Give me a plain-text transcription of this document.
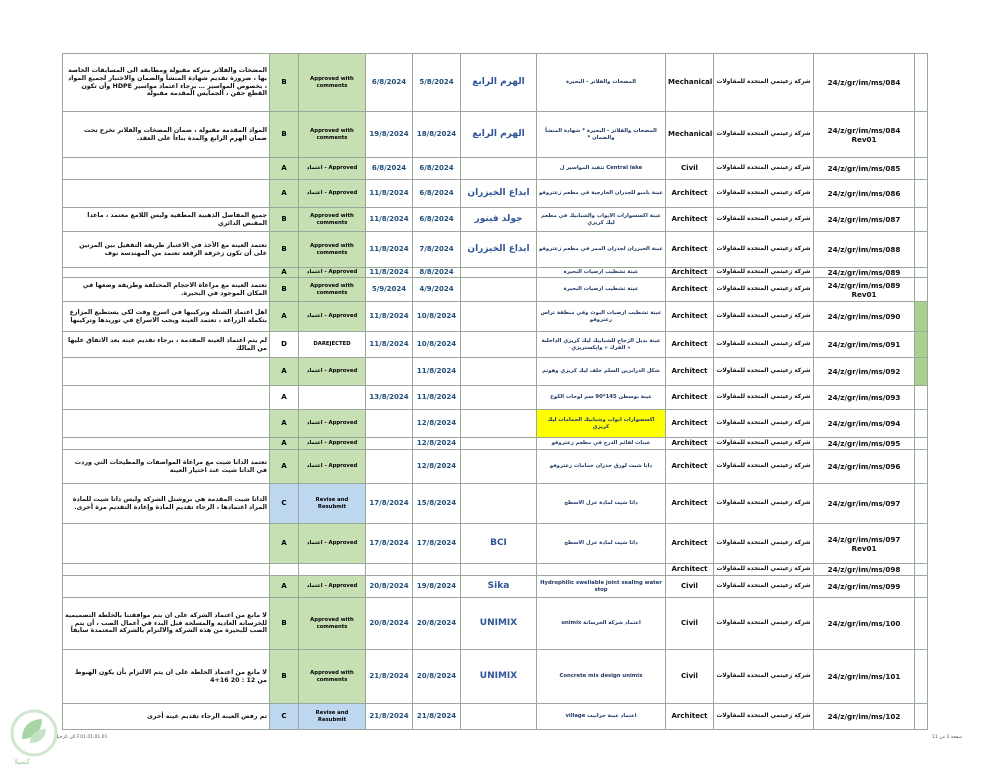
المضخات والفلاتر متركة مقبولة ومطابقة الى المسابقات الخاصة بها ، ضرورة تقديم شهادة المنشأ والضمان والاختبار لجميع المواد ، بخصوص المواسير … برجاء اعتماد مواسير HDPE وأن تكون القطع حقن ، الجمايس المقدمة مقبولة	B	Approved with comments	6/8/2024	5/8/2024	الهرم الرابع	المضخات والفلاتر - البحيرة	Mechanical	شركة زعيتمي المتحدة للمقاولات	24/z/gr/im/ms/084	
المواد المقدمة مقبولة ، ضمان المضخات والفلاتر تخرج تحت ضمان الهرم الرابع والمدة بناءاً على العقد.	B	Approved with comments	19/8/2024	18/8/2024	الهرم الرابع	المضخات والفلاتر - البحيرة * شهادة المنشأ والضمان *	Mechanical	شركة زعيتمي المتحدة للمقاولات	24/z/gr/im/ms/084 Rev01	
	A	اعتماد - Approved	6/8/2024	6/8/2024		Central lake تنفيذ المواسير ل	Civil	شركة زعيتمي المتحدة للمقاولات	24/z/gr/im/ms/085	
	A	اعتماد - Approved	11/8/2024	6/8/2024	ابداع الخيزران	عينة بامبو للجدران الخارجية في مطعم زعتروفو	Architect	شركة زعيتمي المتحدة للمقاولات	24/z/gr/im/ms/086	
جميع المفاصل الذهبية المطفية وليس اللامع معتمد ، ماعدا المقبض الدائري	B	Approved with comments	11/8/2024	6/8/2024	جولد فينور	عينة اكسسوارات الابواب والشبابيك في مطعم ليك كريزي	Architect	شركة زعيتمي المتحدة للمقاولات	24/z/gr/im/ms/087	
تعتمد العينة مع الأخذ في الاعتبار طريقة التقفيل بين المرتين على أن تكون زخرفة الرقعة تعتمد من المهندسة نوف	B	Approved with comments	11/8/2024	7/8/2024	ابداع الخيزران	عينة الخيزران لجدران الممر في مطعم زعتروفو	Architect	شركة زعيتمي المتحدة للمقاولات	24/z/gr/im/ms/088	
	A	اعتماد - Approved	11/8/2024	8/8/2024		عينة تشطيب ارضيات البحيرة	Architect	شركة زعيتمي المتحدة للمقاولات	24/z/gr/im/ms/089	
تعتمد العينة مع مراعاة الاحجام المختلفة وطريقة وضعها في المكان الموجود في البحيرة.	B	Approved with comments	5/9/2024	4/9/2024		عينة تشطيب ارضيات البحيرة	Architect	شركة زعيتمي المتحدة للمقاولات	24/z/gr/im/ms/089 Rev01	
اهل اعتماد الشتلة وتركيبها في اسرع وقت لكي يستطيع المزارع بتكملة الزراعة ، تعتمد العينة ويجب الاسراع في توريدها وتركيبها	A	اعتماد - Approved	11/8/2024	10/8/2024		عينة تشطيب ارضيات البوث وفي منطقة تراس زعتروفو	Architect	شركة زعيتمي المتحدة للمقاولات	24/z/gr/im/ms/090	
لم يتم اعتماد العينة المقدمة ، برجاء تقديم عينة بعد الاتفاق عليها من المالك	D	DAREJECTED	11/8/2024	10/8/2024		عينة بديل الزجاج للشبابيك ليك كريزي الداخلية « الفرك » وايكستريزي	Architect	شركة زعيتمي المتحدة للمقاولات	24/z/gr/im/ms/091	
	A	اعتماد - Approved		11/8/2024		شكل الدرابزين السلم خلف ليك كريزي وهوتم	Architect	شركة زعيتمي المتحدة للمقاولات	24/z/gr/im/ms/092	
	A		13/8/2024	11/8/2024		عينة بوسطن 145*90 سم لوحات الكوخ	Architect	شركة زعيتمي المتحدة للمقاولات	24/z/gr/im/ms/093	
	A	اعتماد - Approved		12/8/2024		اكسسوارات ابواب وشبابيك الحمامات ليك كريزي	Architect	شركة زعيتمي المتحدة للمقاولات	24/z/gr/im/ms/094	
	A	اعتماد - Approved		12/8/2024		عينات لقائم الدرج في مطعم زعتروفو	Architect	شركة زعيتمي المتحدة للمقاولات	24/z/gr/im/ms/095	
تعتمد الدانا شيت مع مراعاة المواصفات والمطيحات التي وردت في الدانا شيت عند اختيار العينة	A	اعتماد - Approved		12/8/2024		دانا شيت لورق حدران حمامات زعتروفو	Architect	شركة زعيتمي المتحدة للمقاولات	24/z/gr/im/ms/096	
الداتا شيت المقدمة هي بروشتل الشركة وليس داتا شيت للمادة المراد اعتمادها ، الرجاء تقديم المادة وإعادة التقديم مرة أخرى.	C	Revise and Resubmit	17/8/2024	15/8/2024		داتا شيت لمادة عزل الاسطح	Architect	شركة زعيتمي المتحدة للمقاولات	24/z/gr/im/ms/097	
	A	اعتماد - Approved	17/8/2024	17/8/2024	BCI	داتا شيت لمادة عزل الاسطح	Architect	شركة زعيتمي المتحدة للمقاولات	24/z/gr/im/ms/097 Rev01	
							Architect	شركة زعيتمي المتحدة للمقاولات	24/z/gr/im/ms/098	
	A	اعتماد - Approved	20/8/2024	19/8/2024	Sika	Hydrophilic swellable joint sealing water stop	Civil	شركة زعيتمي المتحدة للمقاولات	24/z/gr/im/ms/099	
لا مانع من اعتماد الشركة على ان يتم موافقتنا بالخلطة التصميمية للخرسانة العادية والمسلحة قبل البدء في أعمال الصب ، أن يتم الصب للبحيرة من هذه الشركة والالتزام بالشركة المعتمدة سابقاً	B	Approved with comments	20/8/2024	20/8/2024	UNIMIX	اعتماد شركة الخرسانة unimix	Civil	شركة زعيتمي المتحدة للمقاولات	24/z/gr/im/ms/100	
لا مانع من اعتماد الخلطة على ان يتم الالتزام بأن يكون الهبوط من 12 : 20 16+4	B	Approved with comments	21/8/2024	20/8/2024	UNIMIX	Concrete mix design unimix	Civil	شركة زعيتمي المتحدة للمقاولات	24/z/gr/im/ms/101	
تم رفض العينة الرجاء تقديم عينة أخرى	C	Revise and Resubmit	21/8/2024	21/8/2024		اعتماد عينة جرانيت village	Architect	شركة زعيتمي المتحدة للمقاولات	24/z/gr/im/ms/102	
الى الرحيل F.01.01.01.01	صفحة 3 من 11
كسيلا
